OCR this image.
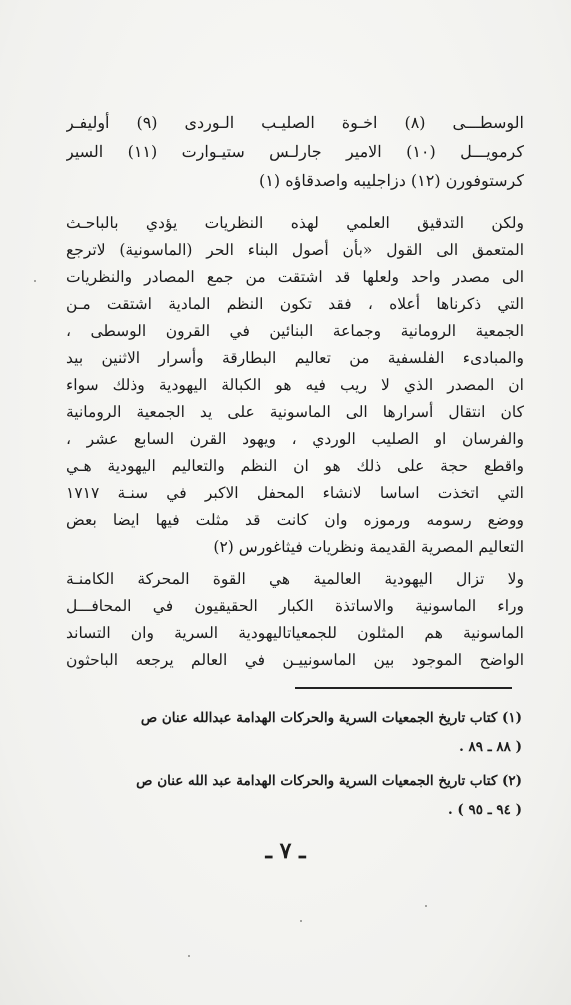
الوسطـــى (٨) اخـوة الصليـب الـوردى (٩) أوليفـر
كرمويـــل (١٠) الامير جارلـس ستيـوارت (١١) السير
كرستوفورن (١٢) دزاجليبه واصدقاؤه (١)
ولكن التدقيق العلمي لهذه النظريات يؤدي بالباحـث
المتعمق الى القول «بأن أصول البناء الحر (الماسونية) لاترجع
الى مصدر واحد ولعلها قد اشتقت من جمع المصادر والنظريات
التي ذكرناها أعلاه ، فقد تكون النظم المادية اشتقت مـن
الجمعية الرومانية وجماعة البنائين في القرون الوسطى ،
والمبادىء الفلسفية من تعاليم البطارقة وأسرار الاثنين بيد
ان المصدر الذي لا ريب فيه هو الكبالة اليهودية وذلك سواء
كان انتقال أسرارها الى الماسونية على يد الجمعية الرومانية
والفرسان او الصليب الوردي ، ويهود القرن السابع عشر ،
واقطع حجة على ذلك هو ان النظم والتعاليم اليهودية هـي
التي اتخذت اساسا لانشاء المحفل الاكبر في سنـة ١٧١٧
ووضع رسومه ورموزه وان كانت قد مثلت فيها ايضا بعض
التعاليم المصرية القديمة ونظريات فيثاغورس (٢)
ولا تزال اليهودية العالمية هي القوة المحركة الكامنـة
وراء الماسونية والاساتذة الكبار الحقيقيون في المحافـــل
الماسونية هم المثلون للجمعياتاليهودية السرية وان التساند
الواضح الموجود بين الماسونييـن في العالم يرجعه الباحثون
(١) كتاب تاريخ الجمعيات السرية والحركات الهدامة عبدالله عنان ص
( ٨٨ ـ ٨٩ .
(٢) كتاب تاريخ الجمعيات السرية والحركات الهدامة عبد الله عنان ص
( ٩٤ ـ ٩٥ ) .
ـ ٧ ـ
